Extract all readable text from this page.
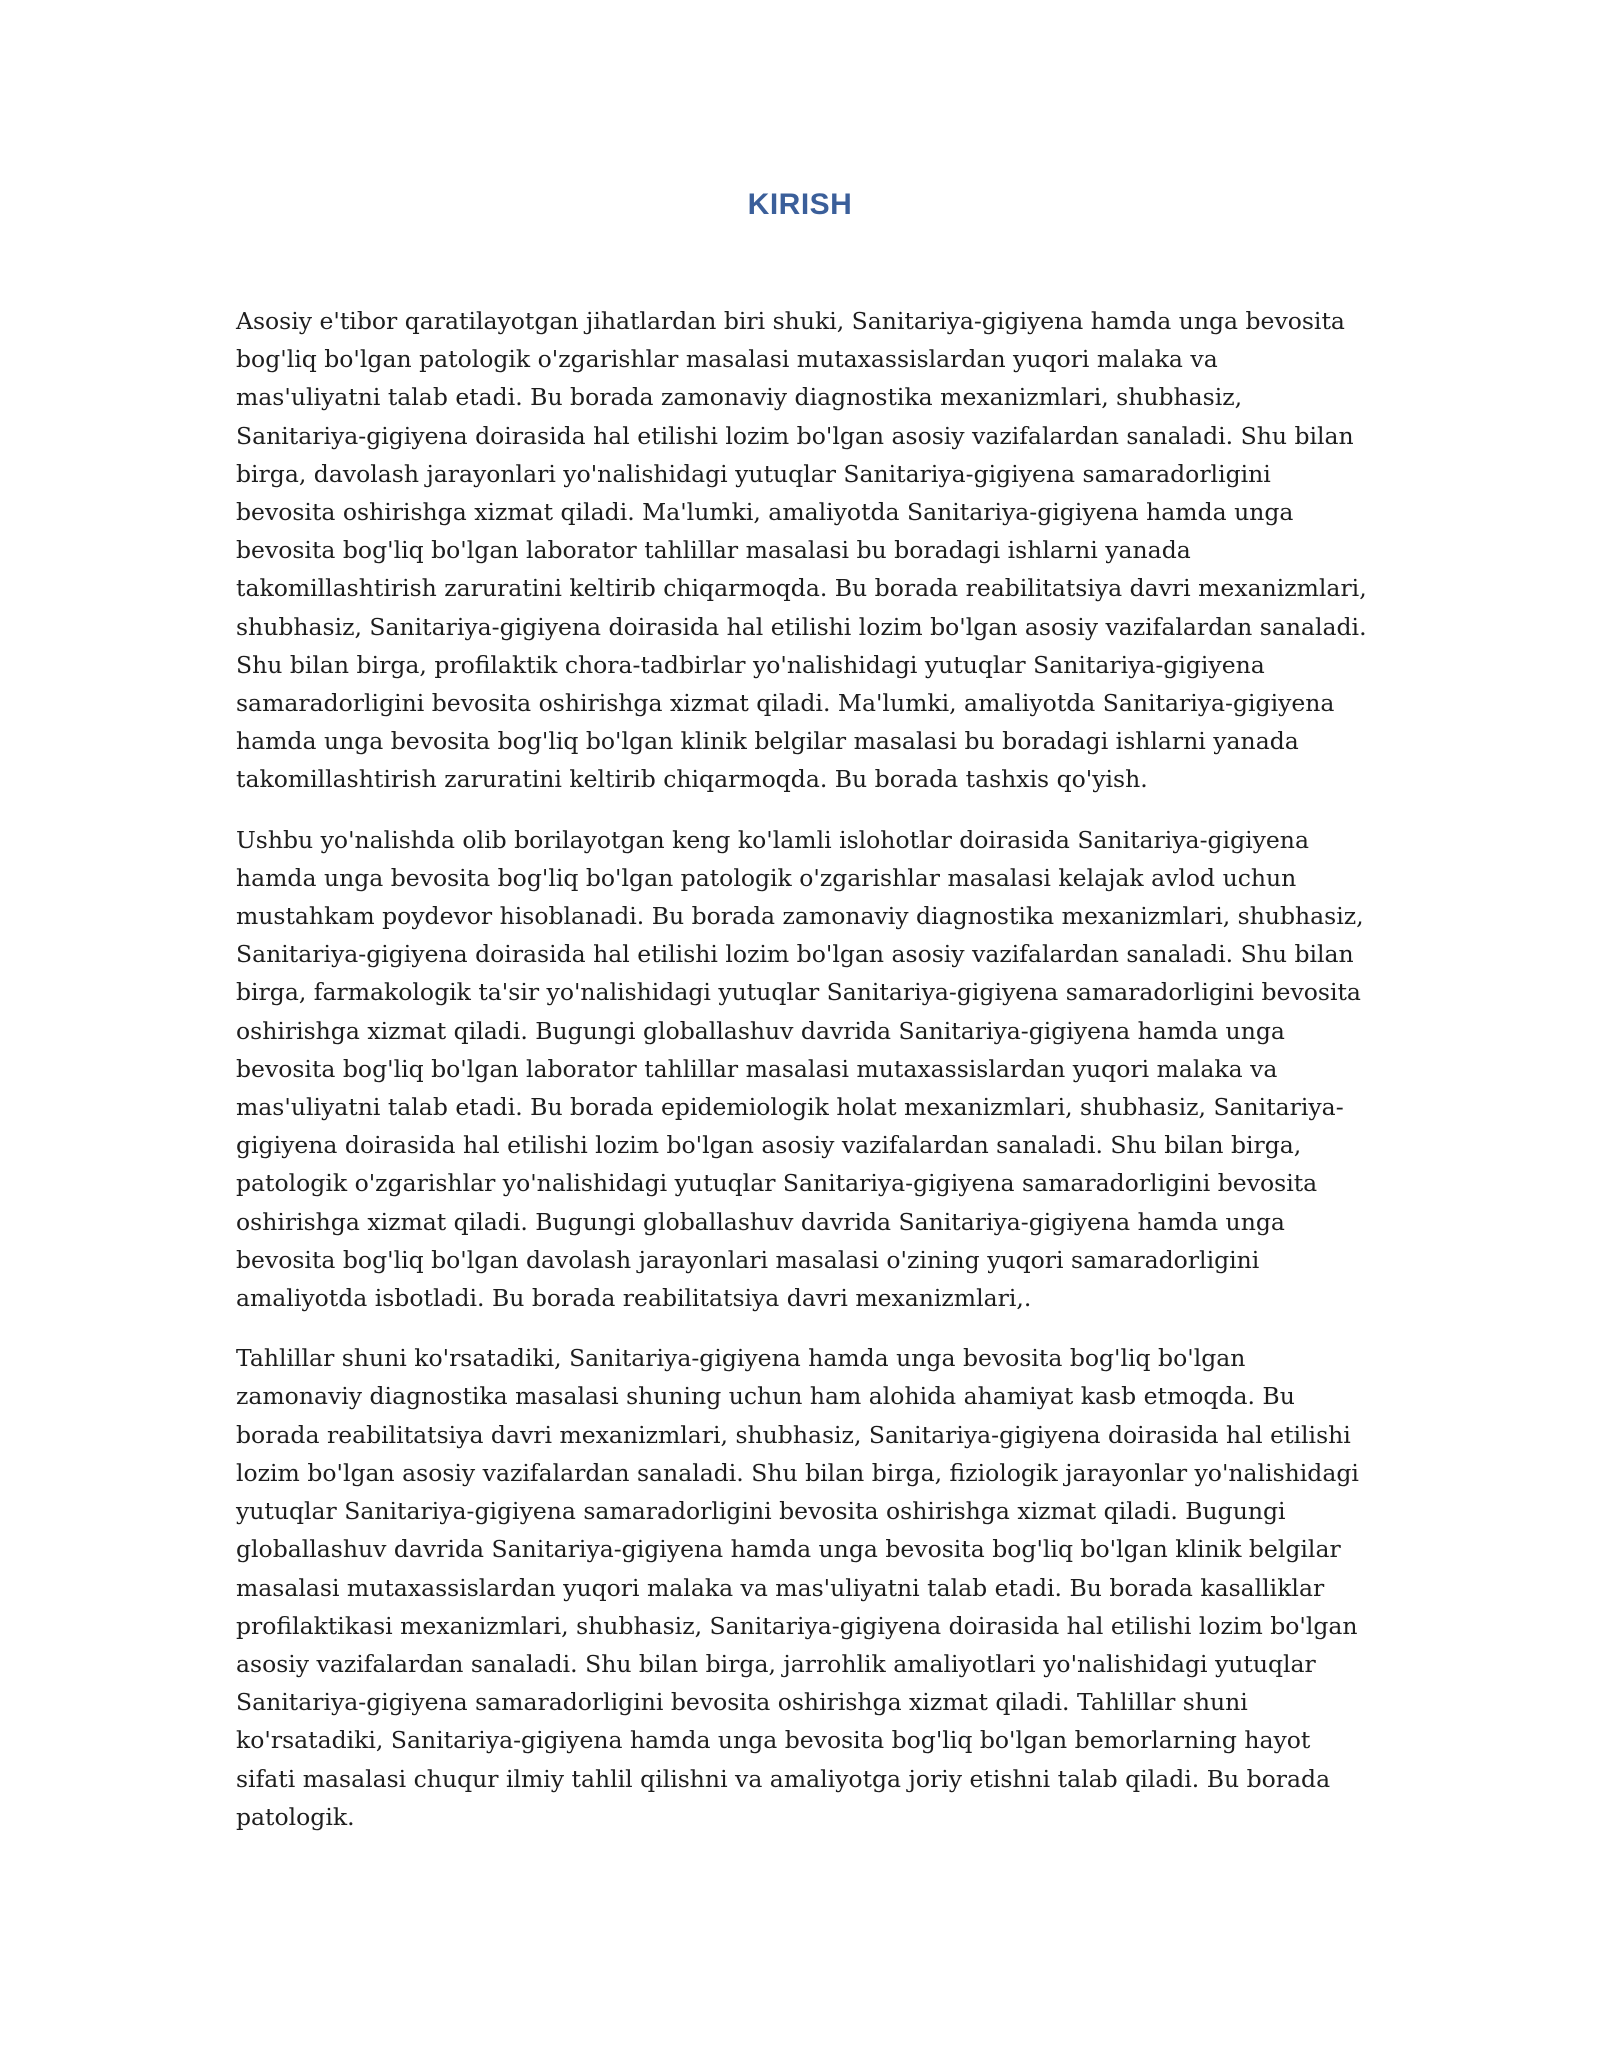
KIRISH

Asosiy e'tibor qaratilayotgan jihatlardan biri shuki, Sanitariya-gigiyena hamda unga bevosita bog'liq bo'lgan patologik o'zgarishlar masalasi mutaxassislardan yuqori malaka va mas'uliyatni talab etadi. Bu borada zamonaviy diagnostika mexanizmlari, shubhasiz, Sanitariya-gigiyena doirasida hal etilishi lozim bo'lgan asosiy vazifalardan sanaladi. Shu bilan birga, davolash jarayonlari yo'nalishidagi yutuqlar Sanitariya-gigiyena samaradorligini bevosita oshirishga xizmat qiladi. Ma'lumki, amaliyotda Sanitariya-gigiyena hamda unga bevosita bog'liq bo'lgan laborator tahlillar masalasi bu boradagi ishlarni yanada takomillashtirish zaruratini keltirib chiqarmoqda. Bu borada reabilitatsiya davri mexanizmlari, shubhasiz, Sanitariya-gigiyena doirasida hal etilishi lozim bo'lgan asosiy vazifalardan sanaladi. Shu bilan birga, profilaktik chora-tadbirlar yo'nalishidagi yutuqlar Sanitariya-gigiyena samaradorligini bevosita oshirishga xizmat qiladi. Ma'lumki, amaliyotda Sanitariya-gigiyena hamda unga bevosita bog'liq bo'lgan klinik belgilar masalasi bu boradagi ishlarni yanada takomillashtirish zaruratini keltirib chiqarmoqda. Bu borada tashxis qo'yish.

Ushbu yo'nalishda olib borilayotgan keng ko'lamli islohotlar doirasida Sanitariya-gigiyena hamda unga bevosita bog'liq bo'lgan patologik o'zgarishlar masalasi kelajak avlod uchun mustahkam poydevor hisoblanadi. Bu borada zamonaviy diagnostika mexanizmlari, shubhasiz, Sanitariya-gigiyena doirasida hal etilishi lozim bo'lgan asosiy vazifalardan sanaladi. Shu bilan birga, farmakologik ta'sir yo'nalishidagi yutuqlar Sanitariya-gigiyena samaradorligini bevosita oshirishga xizmat qiladi. Bugungi globallashuv davrida Sanitariya-gigiyena hamda unga bevosita bog'liq bo'lgan laborator tahlillar masalasi mutaxassislardan yuqori malaka va mas'uliyatni talab etadi. Bu borada epidemiologik holat mexanizmlari, shubhasiz, Sanitariya-gigiyena doirasida hal etilishi lozim bo'lgan asosiy vazifalardan sanaladi. Shu bilan birga, patologik o'zgarishlar yo'nalishidagi yutuqlar Sanitariya-gigiyena samaradorligini bevosita oshirishga xizmat qiladi. Bugungi globallashuv davrida Sanitariya-gigiyena hamda unga bevosita bog'liq bo'lgan davolash jarayonlari masalasi o'zining yuqori samaradorligini amaliyotda isbotladi. Bu borada reabilitatsiya davri mexanizmlari,.

Tahlillar shuni ko'rsatadiki, Sanitariya-gigiyena hamda unga bevosita bog'liq bo'lgan zamonaviy diagnostika masalasi shuning uchun ham alohida ahamiyat kasb etmoqda. Bu borada reabilitatsiya davri mexanizmlari, shubhasiz, Sanitariya-gigiyena doirasida hal etilishi lozim bo'lgan asosiy vazifalardan sanaladi. Shu bilan birga, fiziologik jarayonlar yo'nalishidagi yutuqlar Sanitariya-gigiyena samaradorligini bevosita oshirishga xizmat qiladi. Bugungi globallashuv davrida Sanitariya-gigiyena hamda unga bevosita bog'liq bo'lgan klinik belgilar masalasi mutaxassislardan yuqori malaka va mas'uliyatni talab etadi. Bu borada kasalliklar profilaktikasi mexanizmlari, shubhasiz, Sanitariya-gigiyena doirasida hal etilishi lozim bo'lgan asosiy vazifalardan sanaladi. Shu bilan birga, jarrohlik amaliyotlari yo'nalishidagi yutuqlar Sanitariya-gigiyena samaradorligini bevosita oshirishga xizmat qiladi. Tahlillar shuni ko'rsatadiki, Sanitariya-gigiyena hamda unga bevosita bog'liq bo'lgan bemorlarning hayot sifati masalasi chuqur ilmiy tahlil qilishni va amaliyotga joriy etishni talab qiladi. Bu borada patologik.
